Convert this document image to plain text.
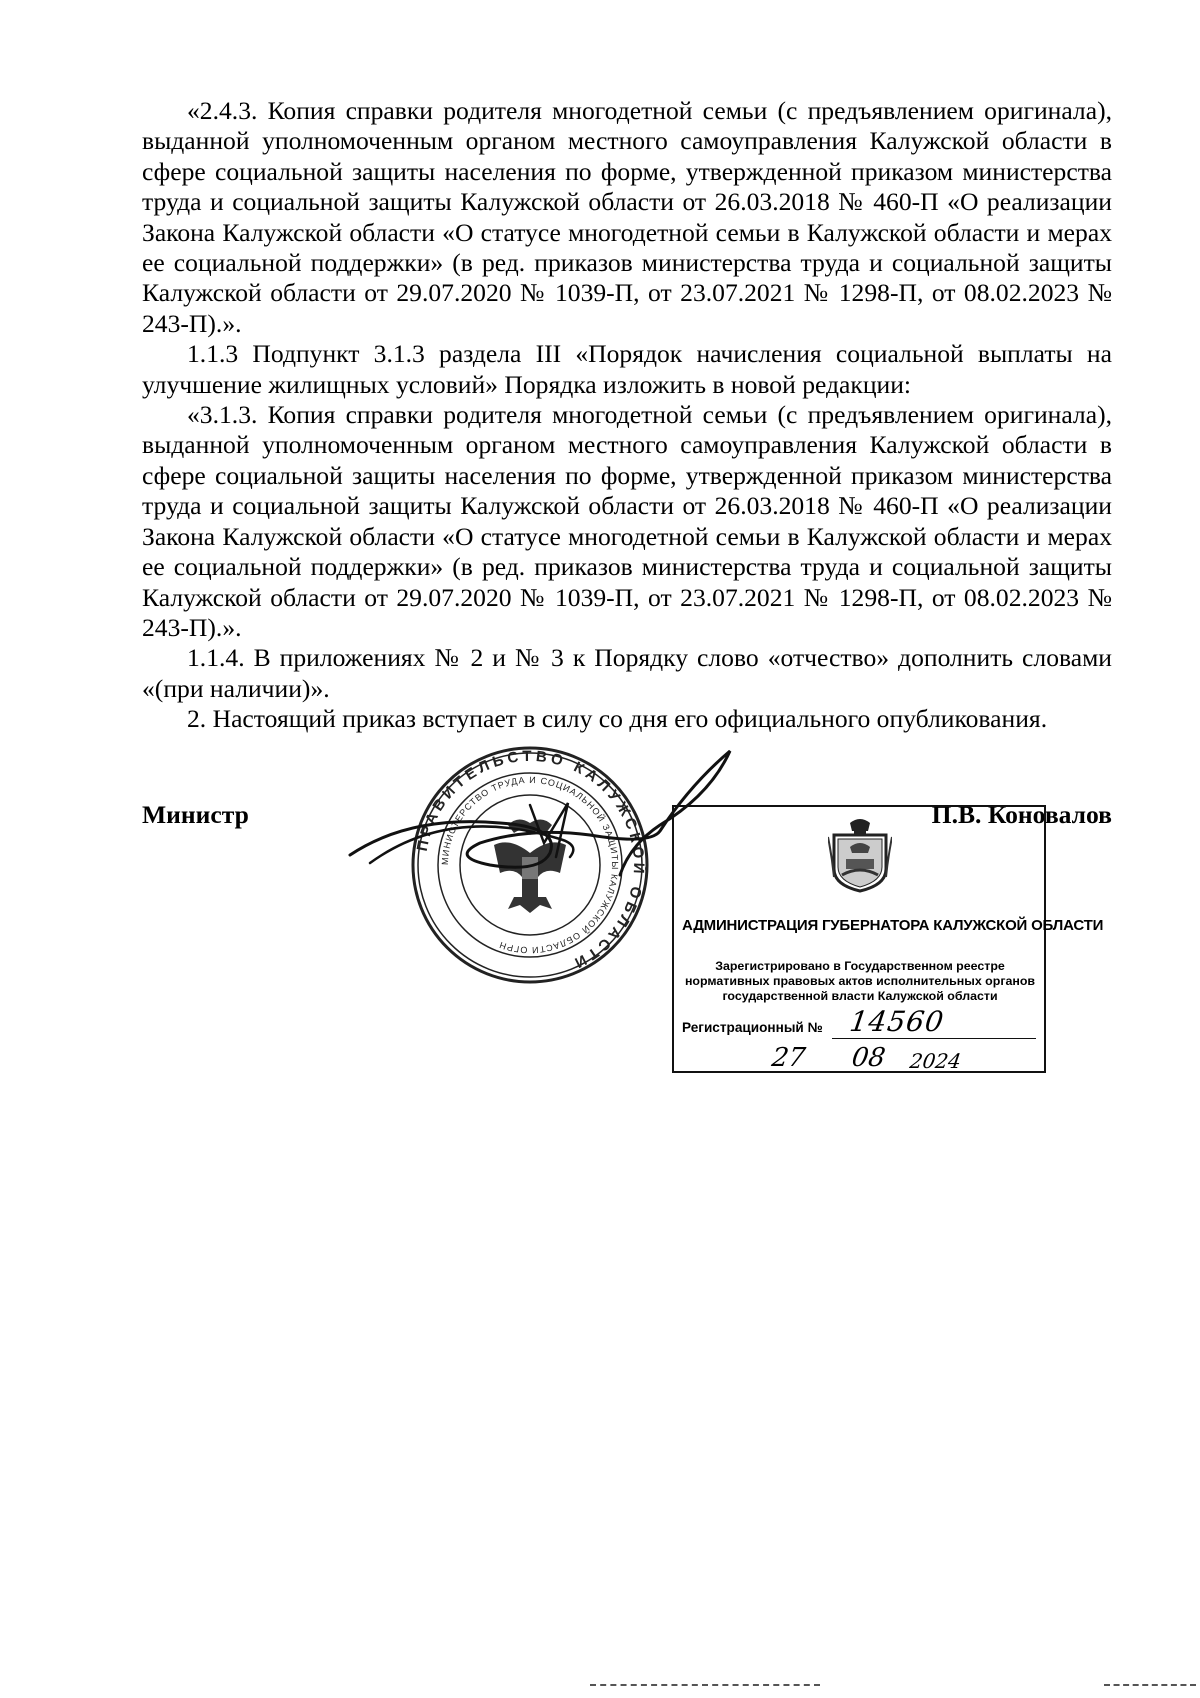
«2.4.3. Копия справки родителя многодетной семьи (с предъявлением оригинала), выданной уполномоченным органом местного самоуправления Калужской области в сфере социальной защиты населения по форме, утвержденной приказом министерства труда и социальной защиты Калужской области от 26.03.2018 № 460-П «О реализации Закона Калужской области «О статусе многодетной семьи в Калужской области и мерах ее социальной поддержки» (в ред. приказов министерства труда и социальной защиты Калужской области от 29.07.2020 № 1039-П, от 23.07.2021 № 1298-П, от 08.02.2023 № 243-П).».

1.1.3 Подпункт 3.1.3 раздела III «Порядок начисления социальной выплаты на улучшение жилищных условий» Порядка изложить в новой редакции:

«3.1.3. Копия справки родителя многодетной семьи (с предъявлением оригинала), выданной уполномоченным органом местного самоуправления Калужской области в сфере социальной защиты населения по форме, утвержденной приказом министерства труда и социальной защиты Калужской области от 26.03.2018 № 460-П «О реализации Закона Калужской области «О статусе многодетной семьи в Калужской области и мерах ее социальной поддержки» (в ред. приказов министерства труда и социальной защиты Калужской области от 29.07.2020 № 1039-П, от 23.07.2021 № 1298-П, от 08.02.2023 № 243-П).».

1.1.4. В приложениях № 2 и № 3 к Порядку слово «отчество» дополнить словами «(при наличии)».

2. Настоящий приказ вступает в силу со дня его официального опубликования.

Министр	П.В. Коновалов
АДМИНИСТРАЦИЯ ГУБЕРНАТОРА КАЛУЖСКОЙ ОБЛАСТИ
Зарегистрировано в Государственном реестре нормативных правовых актов исполнительных органов государственной власти Калужской области
Регистрационный № 14560
27 08 2024
ПРАВИТЕЛЬСТВО КАЛУЖСКОЙ ОБЛАСТИ
МИНИСТЕРСТВО ТРУДА И СОЦИАЛЬНОЙ ЗАЩИТЫ КАЛУЖСКОЙ ОБЛАСТИ ОГРН
